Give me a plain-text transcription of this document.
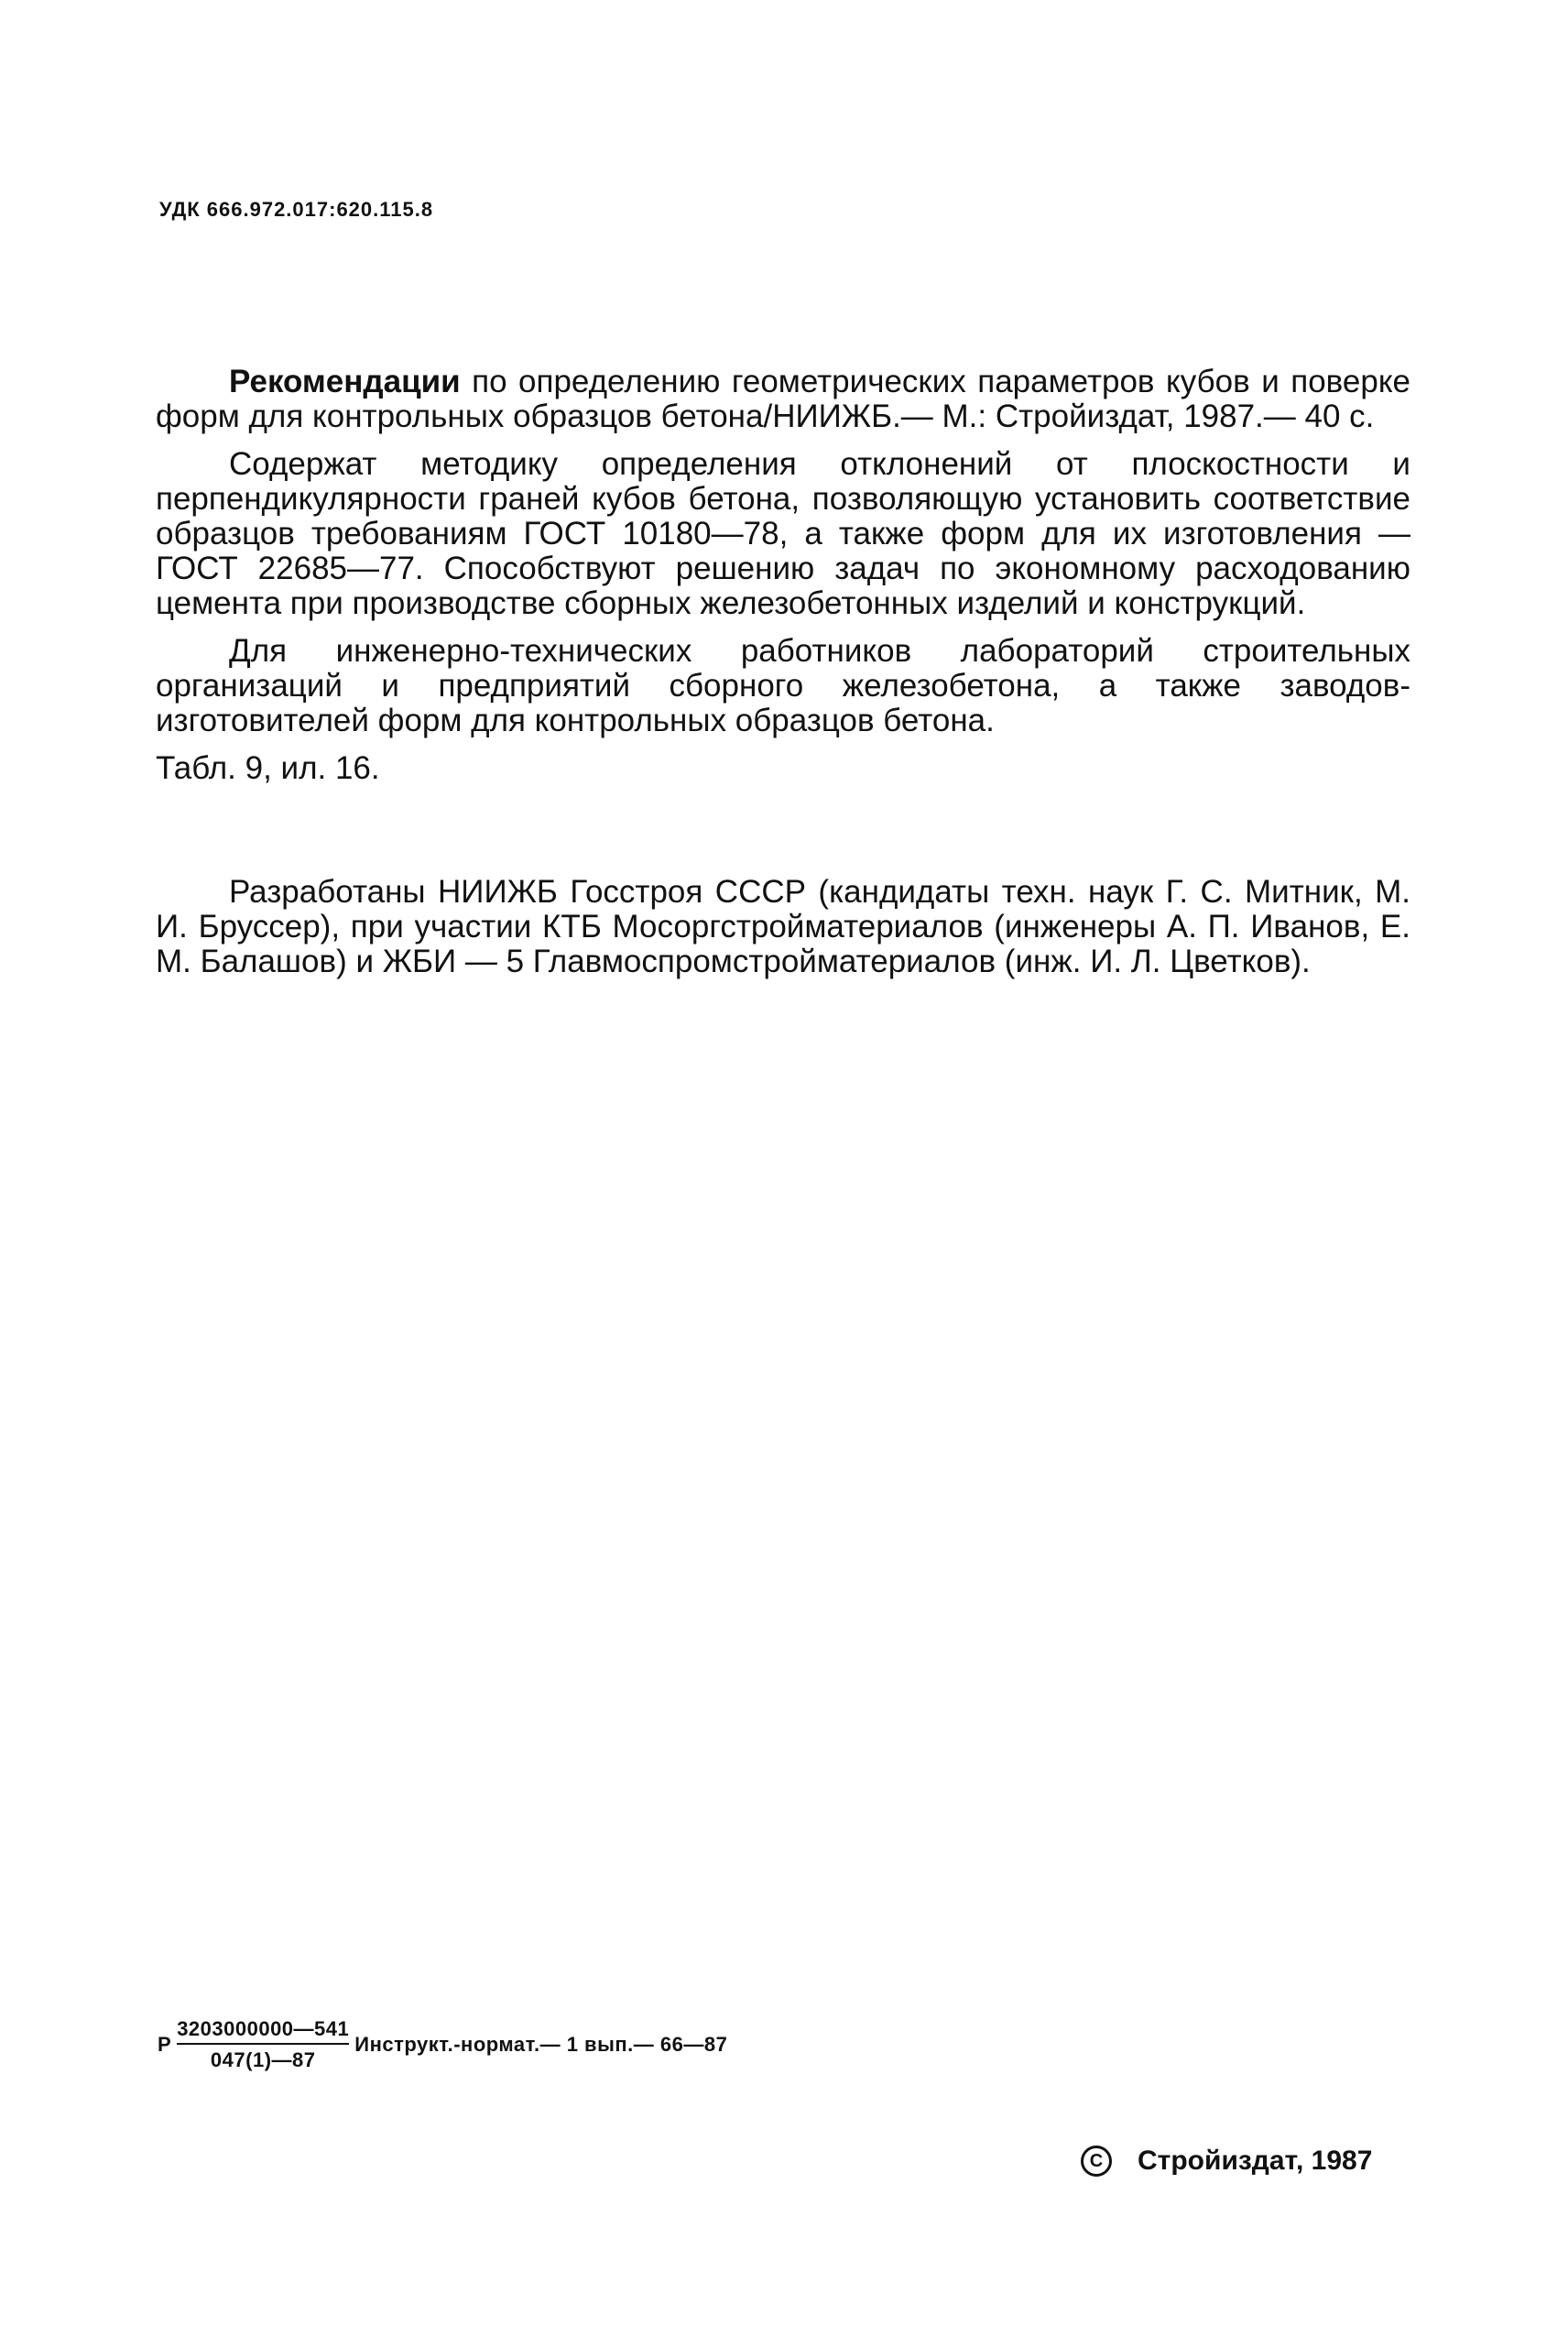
УДК 666.972.017:620.115.8

Рекомендации по определению геометрических параметров кубов и поверке форм для контрольных образцов бетона/НИИЖБ.— М.: Стройиздат, 1987.— 40 с.

Содержат методику определения отклонений от плоскостности и перпендикулярности граней кубов бетона, позволяющую установить соответствие образцов требованиям ГОСТ 10180—78, а также форм для их изготовления — ГОСТ 22685—77. Способствуют решению задач по экономному расходованию цемента при производстве сборных железобетонных изделий и конструкций.

Для инженерно-технических работников лабораторий строительных организаций и предприятий сборного железобетона, а также заводов-изготовителей форм для контрольных образцов бетона.

Табл. 9, ил. 16.

Разработаны НИИЖБ Госстроя СССР (кандидаты техн. наук Г. С. Митник, М. И. Бруссер), при участии КТБ Мосоргстройматериалов (инженеры А. П. Иванов, Е. М. Балашов) и ЖБИ — 5 Главмоспромстройматериалов (инж. И. Л. Цветков).

Р $\frac{3203000000—541}{047(1)—87}$ Инструкт.-нормат.— 1 вып.— 66—87
C	Стройиздат, 1987
